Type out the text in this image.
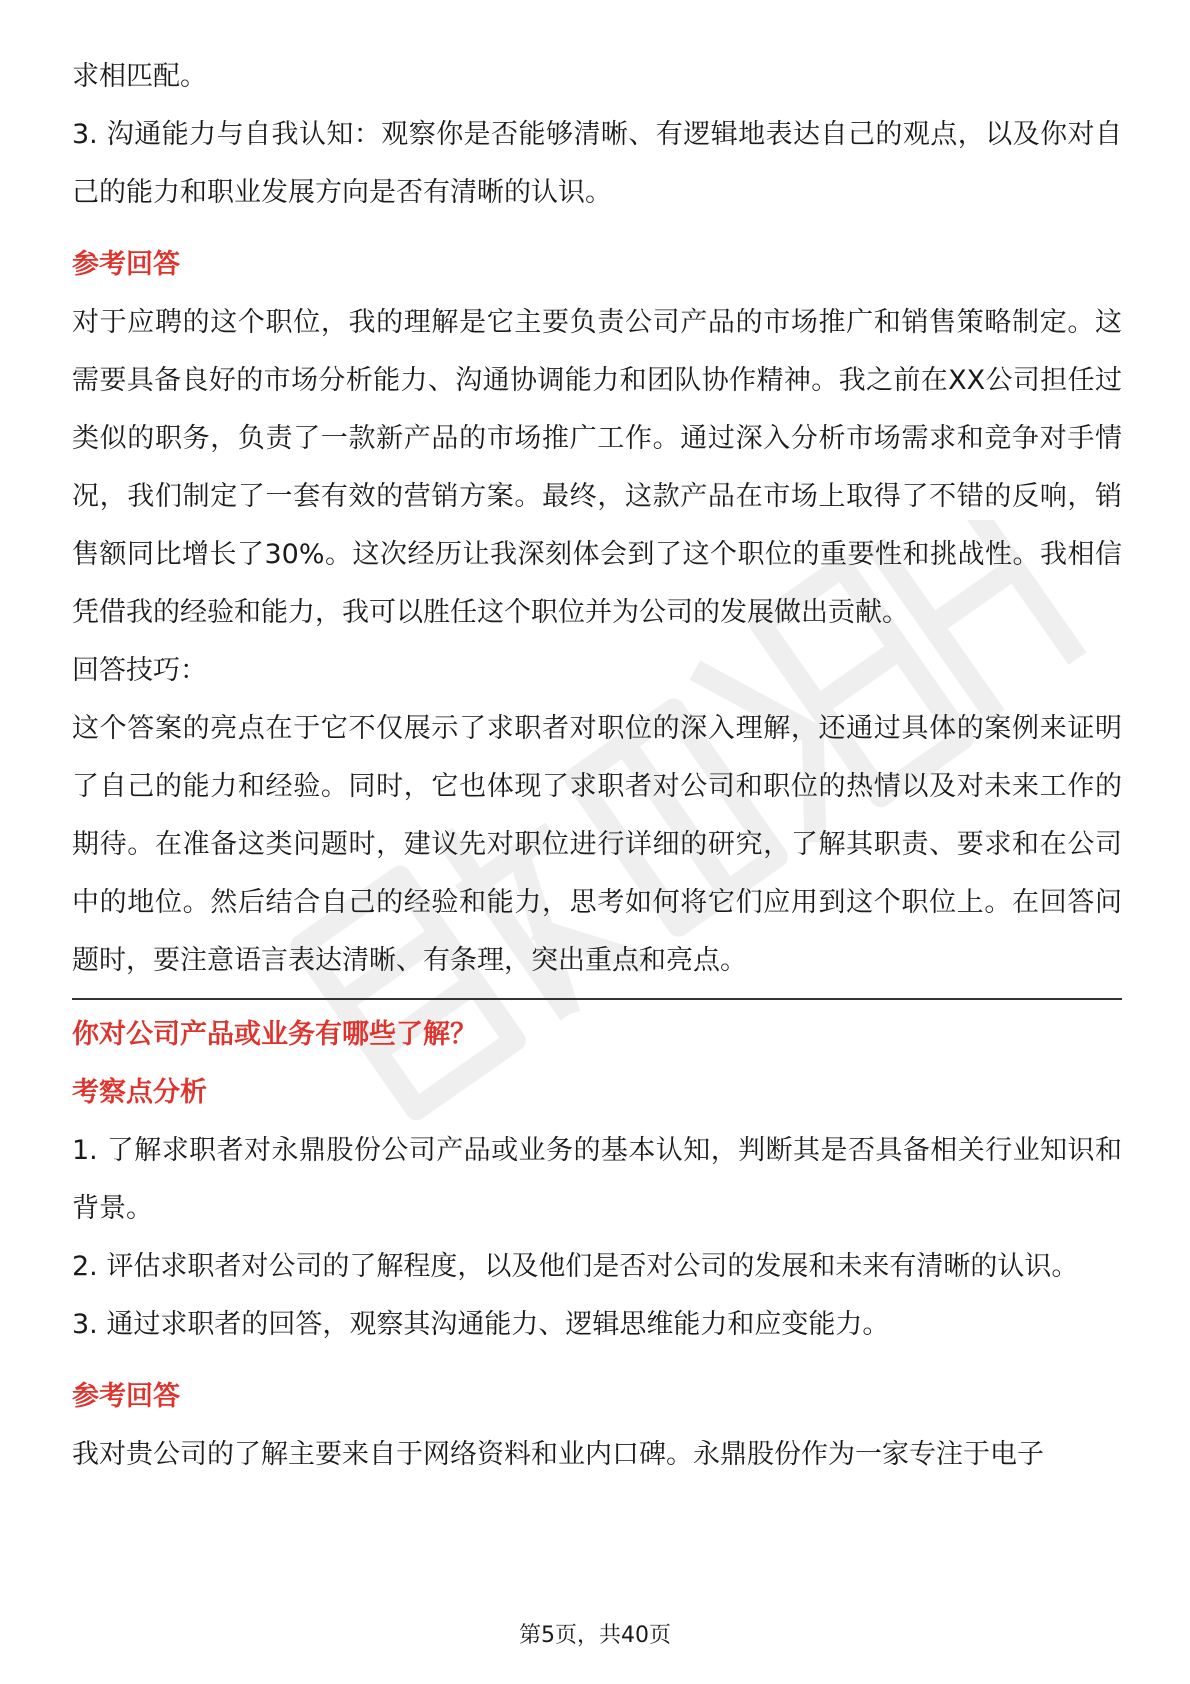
求相匹配。

3. 沟通能力与自我认知：观察你是否能够清晰、有逻辑地表达自己的观点，以及你对自己的能力和职业发展方向是否有清晰的认识。

参考回答

对于应聘的这个职位，我的理解是它主要负责公司产品的市场推广和销售策略制定。这需要具备良好的市场分析能力、沟通协调能力和团队协作精神。我之前在XX公司担任过类似的职务，负责了一款新产品的市场推广工作。通过深入分析市场需求和竞争对手情况，我们制定了一套有效的营销方案。最终，这款产品在市场上取得了不错的反响，销售额同比增长了30%。这次经历让我深刻体会到了这个职位的重要性和挑战性。我相信凭借我的经验和能力，我可以胜任这个职位并为公司的发展做出贡献。

回答技巧：

这个答案的亮点在于它不仅展示了求职者对职位的深入理解，还通过具体的案例来证明了自己的能力和经验。同时，它也体现了求职者对公司和职位的热情以及对未来工作的期待。在准备这类问题时，建议先对职位进行详细的研究，了解其职责、要求和在公司中的地位。然后结合自己的经验和能力，思考如何将它们应用到这个职位上。在回答问题时，要注意语言表达清晰、有条理，突出重点和亮点。

你对公司产品或业务有哪些了解？

考察点分析

1. 了解求职者对永鼎股份公司产品或业务的基本认知，判断其是否具备相关行业知识和背景。

2. 评估求职者对公司的了解程度，以及他们是否对公司的发展和未来有清晰的认识。

3. 通过求职者的回答，观察其沟通能力、逻辑思维能力和应变能力。

参考回答

我对贵公司的了解主要来自于网络资料和业内口碑。永鼎股份作为一家专注于电子

第5页，共40页
